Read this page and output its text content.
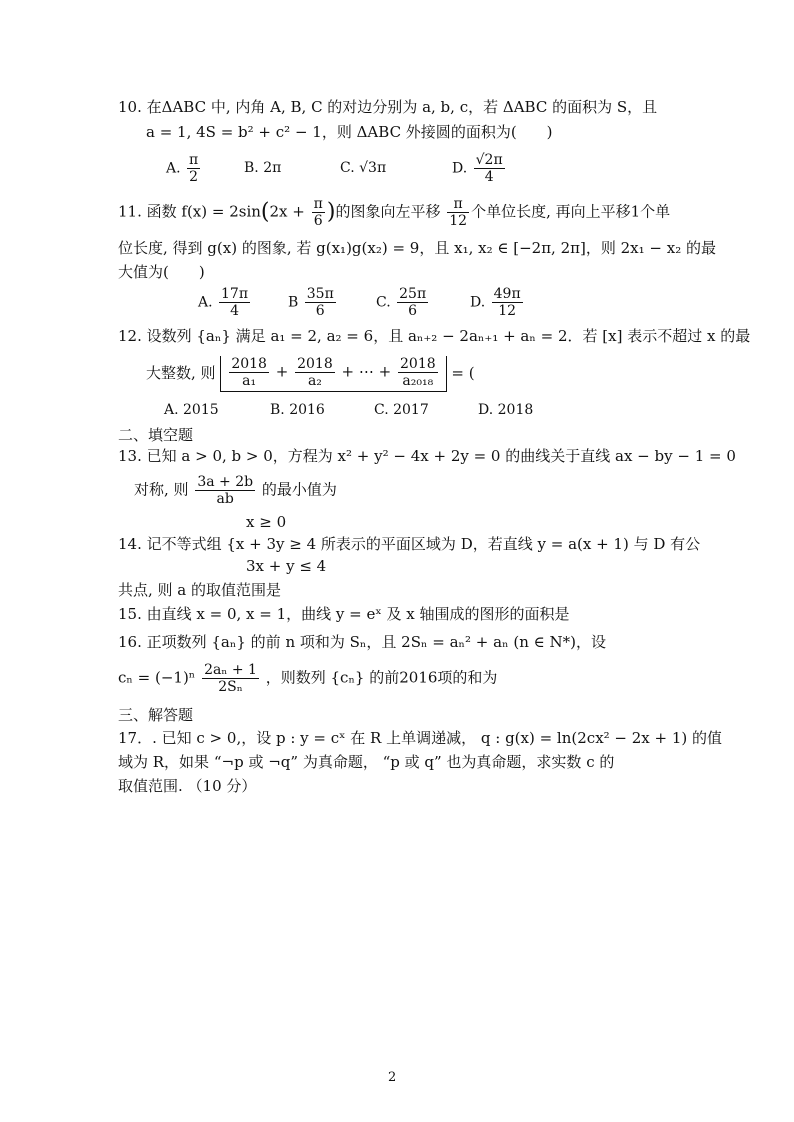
10. 在ΔABC 中, 内角 A, B, C 的对边分别为 a, b, c，若 ΔABC 的面积为 S，且
a = 1, 4S = b² + c² − 1，则 ΔABC 外接圆的面积为(　　)
A. $\frac{\pi}{2}$	B. 2π	C. √3π	D. $\frac{√2\pi}{4}$
11. 函数 $f(x) = 2\sin(2x + \frac{\pi}{6}$ )的图象向左平移 $\frac{\pi}{12}$ 个单位长度, 再向上平移1个单
位长度, 得到 g(x) 的图象, 若 g(x₁)g(x₂) = 9，且 x₁, x₂ ∈ [−2π, 2π]，则 2x₁ − x₂ 的最
大值为(　　)
A. $\frac{17\pi}{4}$	B $\frac{35\pi}{6}$	C. $\frac{25\pi}{6}$	D. $\frac{49\pi}{12}$
12. 设数列 {aₙ} 满足 a₁ = 2, a₂ = 6，且 aₙ₊₂ − 2aₙ₊₁ + aₙ = 2．若 [x] 表示不超过 x 的最
大整数, 则 $\frac{2018}{\text{a₁}} + \frac{2018}{\text{a₂}}$ + ⋯ + $\frac{2018}{\text{a₂₀₁₈}}$ = (
A. 2015	B. 2016	C. 2017	D. 2018
二、填空题
13. 已知 a > 0, b > 0，方程为 x² + y² − 4x + 2y = 0 的曲线关于直线 ax − by − 1 = 0
对称, 则 $\frac{3a + 2b}{ab}$ 的最小值为
x ≥ 0
14. 记不等式组 {x + 3y ≥ 4 所表示的平面区域为 D，若直线 y = a(x + 1) 与 D 有公
3x + y ≤ 4
共点, 则 a 的取值范围是
15. 由直线 x = 0, x = 1，曲线 y = eˣ 及 x 轴围成的图形的面积是
16. 正项数列 {aₙ} 的前 n 项和为 Sₙ，且 2Sₙ = aₙ² + aₙ (n ∈ N*)，设
$c_n = (-1)^n \frac{\text{2aₙ + 1}}{\text{2Sₙ}}$ ，则数列 {cₙ} 的前2016项的和为
三、解答题
17．. 已知 c > 0,，设 p : y = cˣ 在 R 上单调递减， q : g(x) = ln(2cx² − 2x + 1) 的值
域为 R，如果 “¬p 或 ¬q” 为真命题， “p 或 q” 也为真命题，求实数 c 的
取值范围. （10 分）
2
